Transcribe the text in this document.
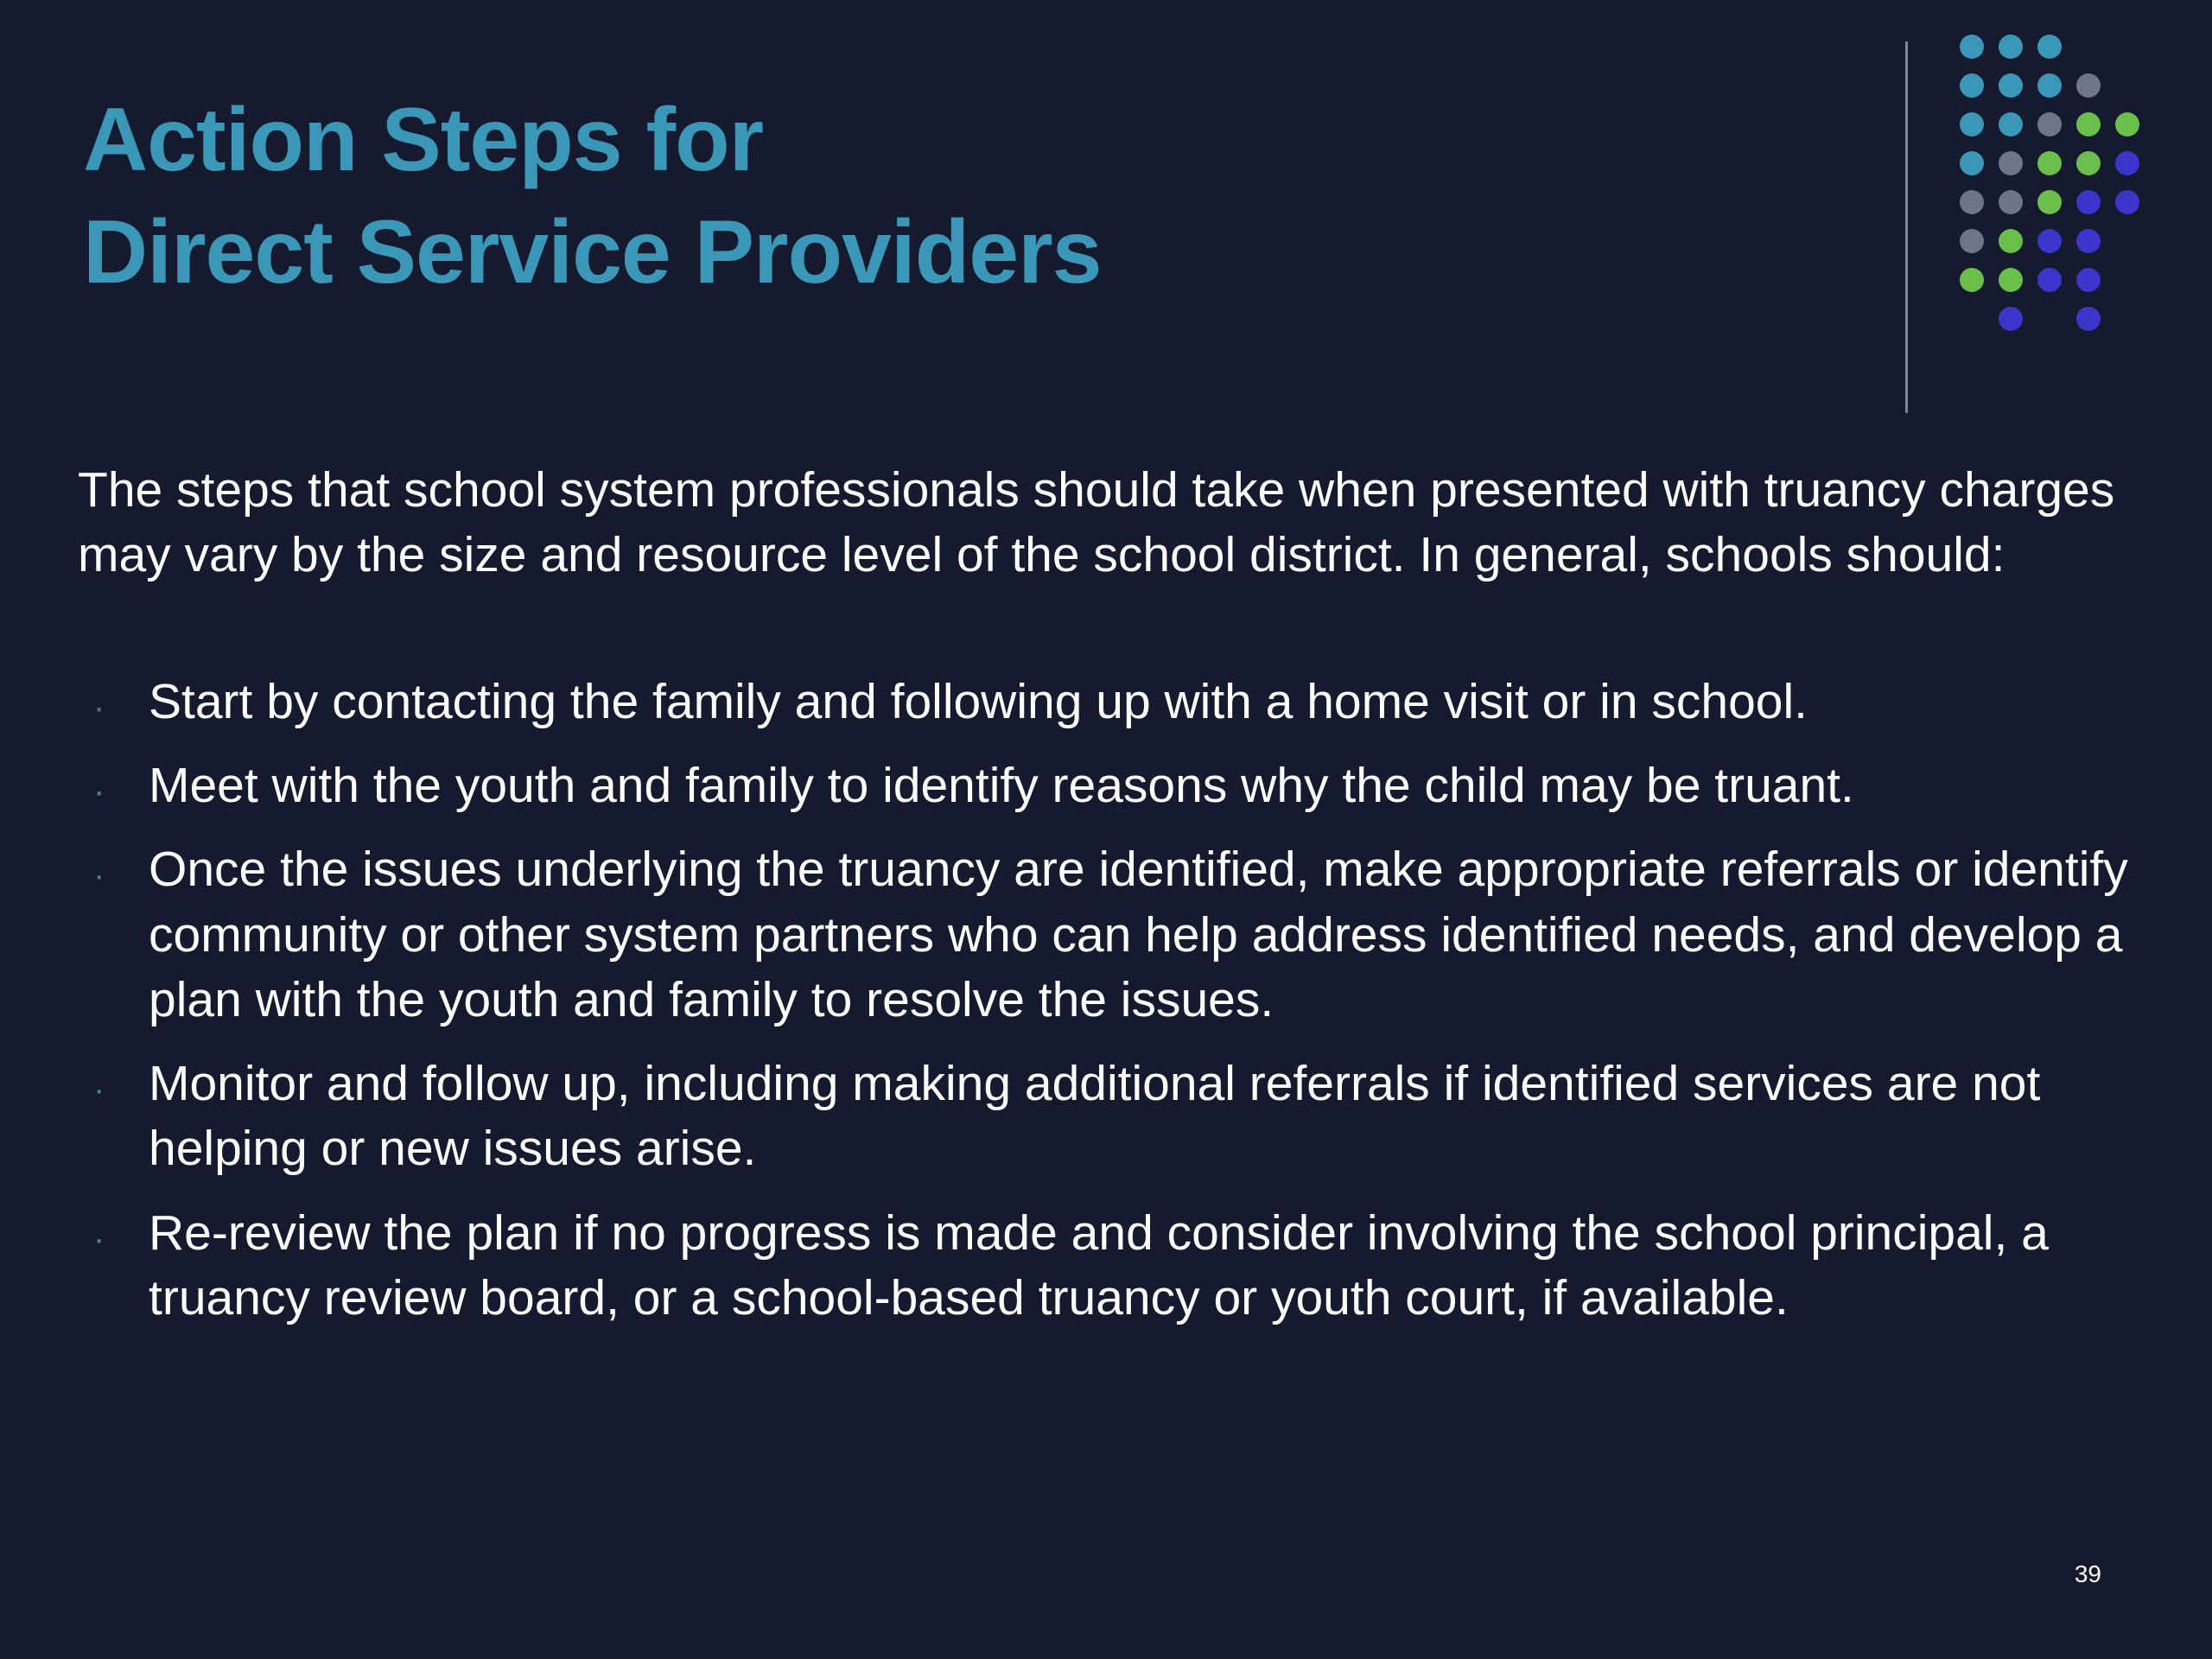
Action Steps for
Direct Service Providers
The steps that school system professionals should take when presented with truancy charges may vary by the size and resource level of the school district. In general, schools should:
· Start by contacting the family and following up with a home visit or in school.
· Meet with the youth and family to identify reasons why the child may be truant.
· Once the issues underlying the truancy are identified, make appropriate referrals or identify community or other system partners who can help address identified needs, and develop a plan with the youth and family to resolve the issues.
· Monitor and follow up, including making additional referrals if identified services are not helping or new issues arise.
· Re-review the plan if no progress is made and consider involving the school principal, a truancy review board, or a school-based truancy or youth court, if available.
39
